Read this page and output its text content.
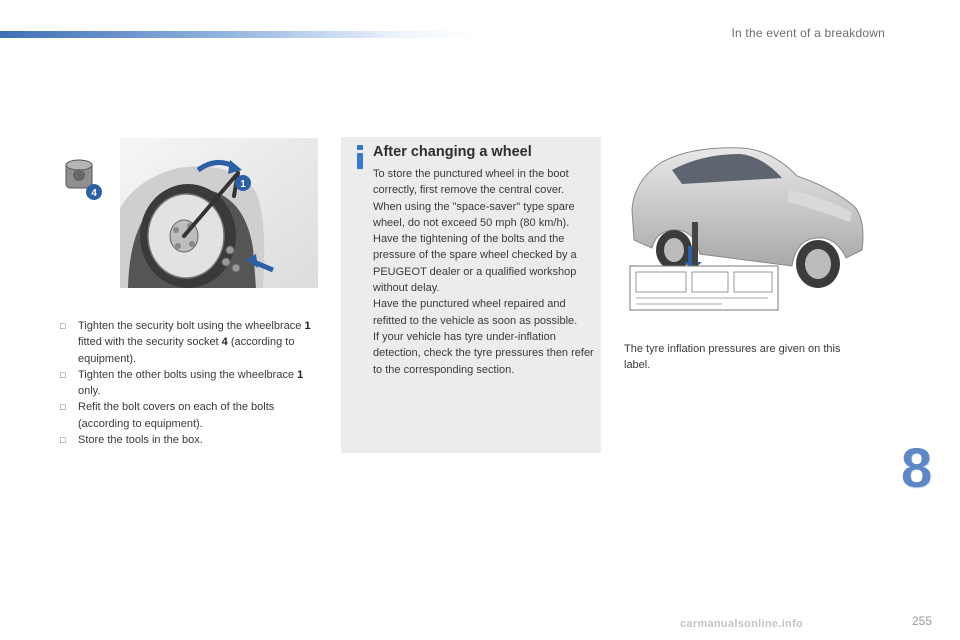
In the event of a breakdown
1
4
□ Tighten the security bolt using the wheelbrace 1 fitted with the security socket 4 (according to equipment).
□ Tighten the other bolts using the wheelbrace 1 only.
□ Refit the bolt covers on each of the bolts (according to equipment).
□ Store the tools in the box.
After changing a wheel

To store the punctured wheel in the boot correctly, first remove the central cover.

When using the "space-saver" type spare wheel, do not exceed 50 mph (80 km/h).

Have the tightening of the bolts and the pressure of the spare wheel checked by a PEUGEOT dealer or a qualified workshop without delay.

Have the punctured wheel repaired and refitted to the vehicle as soon as possible.

If your vehicle has tyre under-inflation detection, check the tyre pressures then refer to the corresponding section.

The tyre inflation pressures are given on this label.
8
255
carmanualsonline.info
